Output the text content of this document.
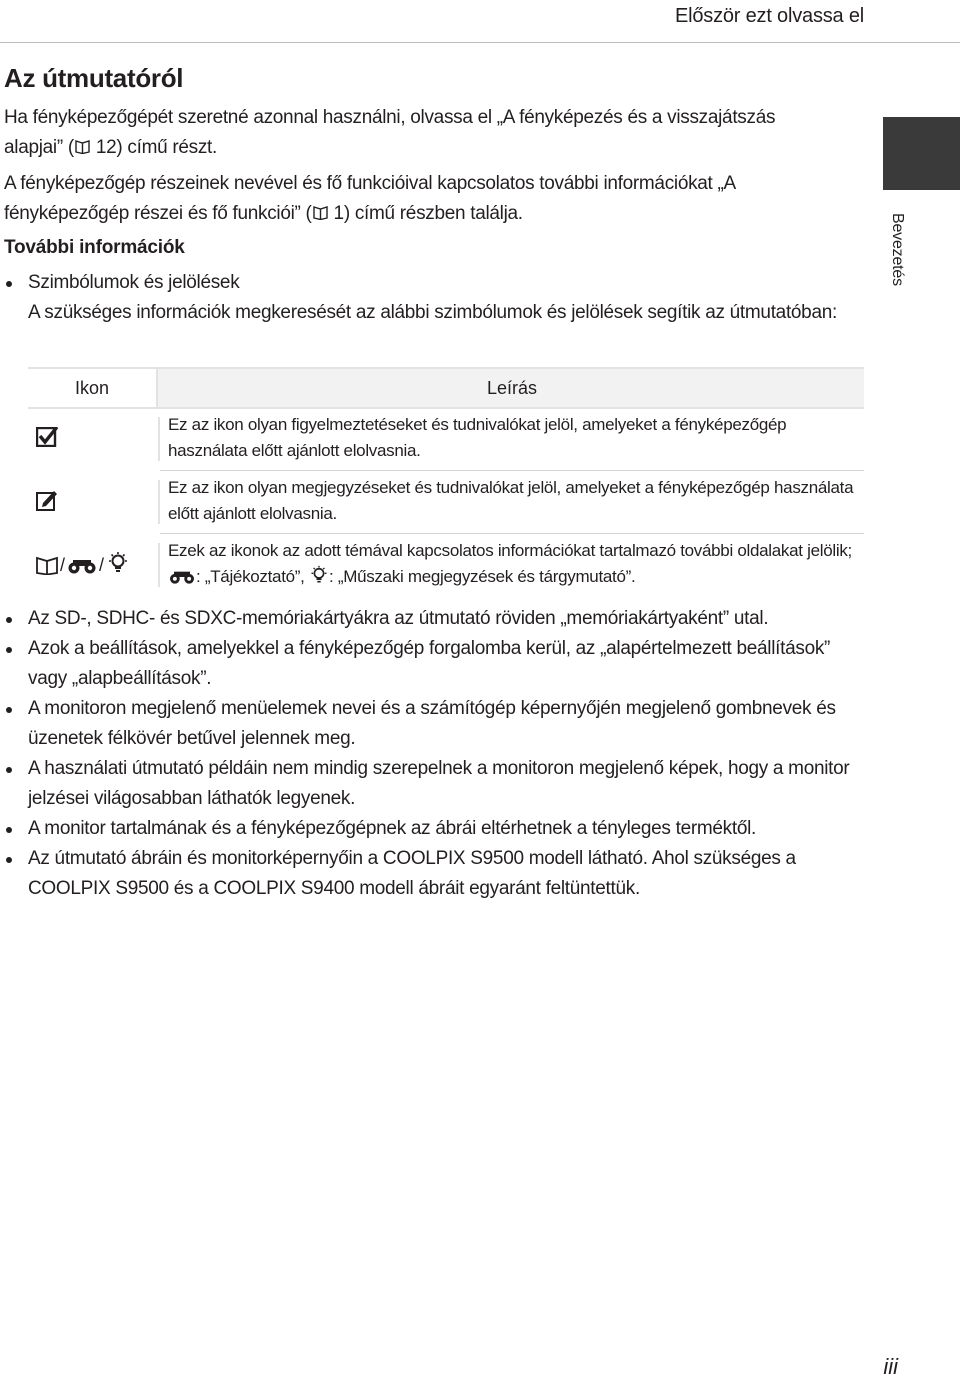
Először ezt olvassa el
Bevezetés
Az útmutatóról

Ha fényképezőgépét szeretné azonnal használni, olvassa el „A fényképezés és a visszajátszás alapjai” ( 12) című részt.

A fényképezőgép részeinek nevével és fő funkcióival kapcsolatos további információkat „A fényképezőgép részei és fő funkciói” ( 1) című részben találja.

További információk
Szimbólumok és jelölések
A szükséges információk megkeresését az alábbi szimbólumok és jelölések segítik az útmutatóban:
Ikon	Leírás
Ez az ikon olyan figyelmeztetéseket és tudnivalókat jelöl, amelyeket a fényképezőgép használata előtt ajánlott elolvasnia.
Ez az ikon olyan megjegyzéseket és tudnivalókat jelöl, amelyeket a fényképezőgép használata előtt ajánlott elolvasnia.
/ /
Ezek az ikonok az adott témával kapcsolatos információkat tartalmazó további oldalakat jelölik; : „Tájékoztató”, : „Műszaki megjegyzések és tárgymutató”.
Az SD-, SDHC- és SDXC-memóriakártyákra az útmutató röviden „memóriakártyaként” utal.
Azok a beállítások, amelyekkel a fényképezőgép forgalomba kerül, az „alapértelmezett beállítások” vagy „alapbeállítások”.
A monitoron megjelenő menüelemek nevei és a számítógép képernyőjén megjelenő gombnevek és üzenetek félkövér betűvel jelennek meg.
A használati útmutató példáin nem mindig szerepelnek a monitoron megjelenő képek, hogy a monitor jelzései világosabban láthatók legyenek.
A monitor tartalmának és a fényképezőgépnek az ábrái eltérhetnek a tényleges terméktől.
Az útmutató ábráin és monitorképernyőin a COOLPIX S9500 modell látható. Ahol szükséges a COOLPIX S9500 és a COOLPIX S9400 modell ábráit egyaránt feltüntettük.
iii
